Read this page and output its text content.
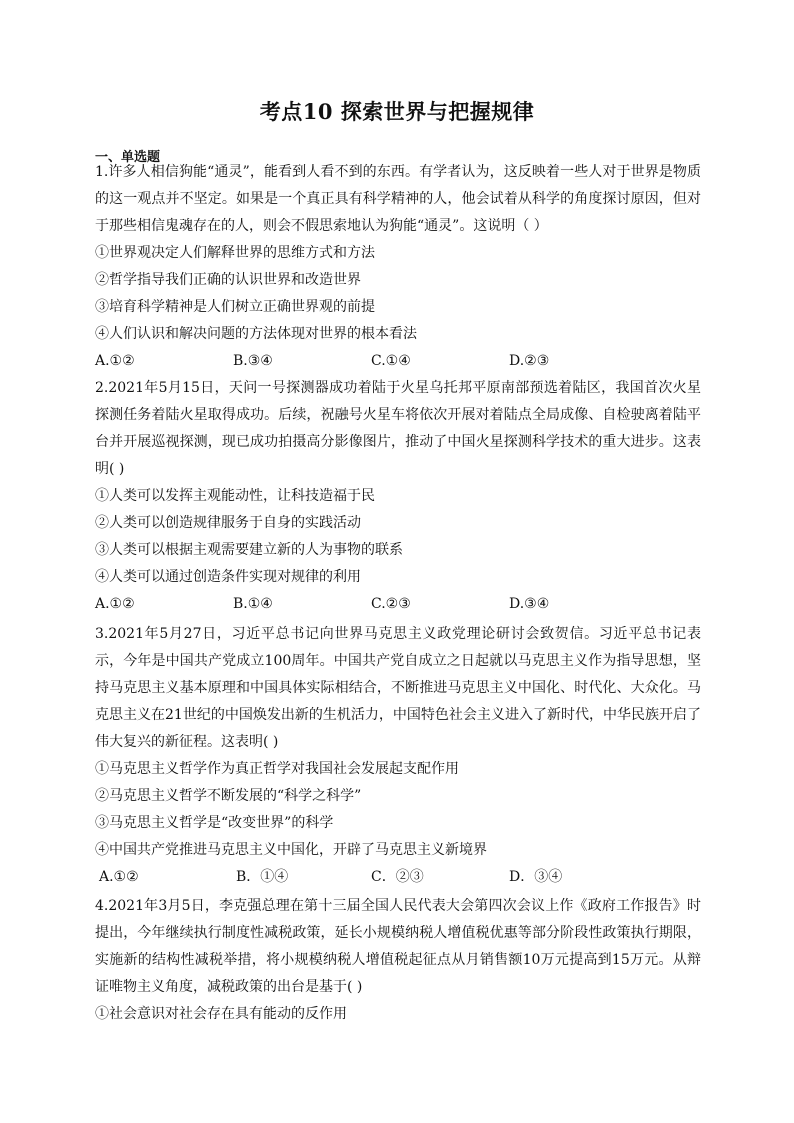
考点10 探索世界与把握规律
一、单选题
1.许多人相信狗能“通灵”，能看到人看不到的东西。有学者认为，这反映着一些人对于世界是物质的这一观点并不坚定。如果是一个真正具有科学精神的人，他会试着从科学的角度探讨原因，但对于那些相信鬼魂存在的人，则会不假思索地认为狗能“通灵”。这说明（ ）
①世界观决定人们解释世界的思维方式和方法
②哲学指导我们正确的认识世界和改造世界
③培育科学精神是人们树立正确世界观的前提
④人们认识和解决问题的方法体现对世界的根本看法
A.①②	B.③④	C.①④	D.②③
2.2021年5月15日，天问一号探测器成功着陆于火星乌托邦平原南部预选着陆区，我国首次火星探测任务着陆火星取得成功。后续，祝融号火星车将依次开展对着陆点全局成像、自检驶离着陆平台并开展巡视探测，现已成功拍摄高分影像图片，推动了中国火星探测科学技术的重大进步。这表明( )
①人类可以发挥主观能动性，让科技造福于民
②人类可以创造规律服务于自身的实践活动
③人类可以根据主观需要建立新的人为事物的联系
④人类可以通过创造条件实现对规律的利用
A.①②	B.①④	C.②③	D.③④
3.2021年5月27日，习近平总书记向世界马克思主义政党理论研讨会致贺信。习近平总书记表示，今年是中国共产党成立100周年。中国共产党自成立之日起就以马克思主义作为指导思想，坚持马克思主义基本原理和中国具体实际相结合，不断推进马克思主义中国化、时代化、大众化。马克思主义在21世纪的中国焕发出新的生机活力，中国特色社会主义进入了新时代，中华民族开启了伟大复兴的新征程。这表明( )
①马克思主义哲学作为真正哲学对我国社会发展起支配作用
②马克思主义哲学不断发展的“科学之科学”
③马克思主义哲学是“改变世界”的科学
④中国共产党推进马克思主义中国化，开辟了马克思主义新境界
A.①②	B．①④	C．②③	D．③④
4.2021年3月5日，李克强总理在第十三届全国人民代表大会第四次会议上作《政府工作报告》时提出，今年继续执行制度性减税政策，延长小规模纳税人增值税优惠等部分阶段性政策执行期限，实施新的结构性减税举措，将小规模纳税人增值税起征点从月销售额10万元提高到15万元。从辩证唯物主义角度，减税政策的出台是基于( )
①社会意识对社会存在具有能动的反作用
